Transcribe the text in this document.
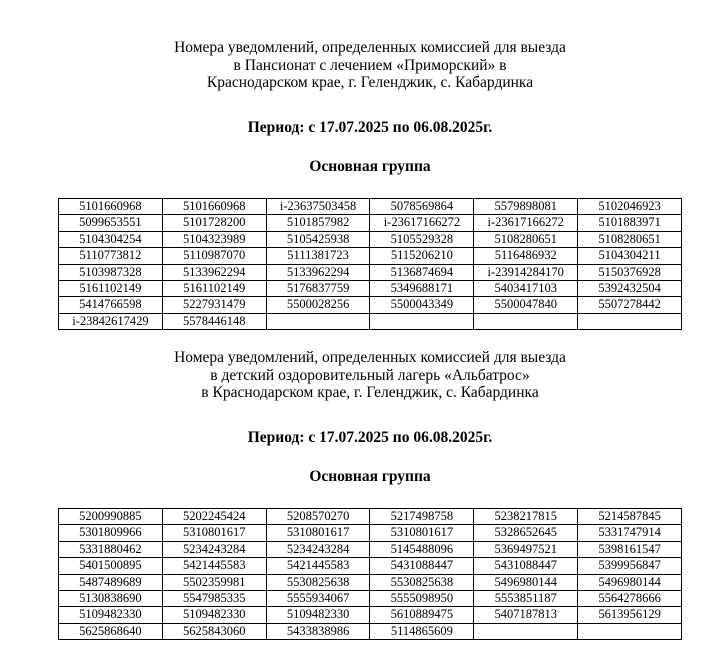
Номера уведомлений, определенных комиссией для выезда
в Пансионат с лечением «Приморский» в
Краснодарском крае, г. Геленджик, с. Кабардинка
Период: с 17.07.2025 по 06.08.2025г.
Основная группа
5101660968	5101660968	i-23637503458	5078569864	5579898081	5102046923
5099653551	5101728200	5101857982	i-23617166272	i-23617166272	5101883971
5104304254	5104323989	5105425938	5105529328	5108280651	5108280651
5110773812	5110987070	5111381723	5115206210	5116486932	5104304211
5103987328	5133962294	5133962294	5136874694	i-23914284170	5150376928
5161102149	5161102149	5176837759	5349688171	5403417103	5392432504
5414766598	5227931479	5500028256	5500043349	5500047840	5507278442
i-23842617429	5578446148				
Номера уведомлений, определенных комиссией для выезда
в детский оздоровительный лагерь «Альбатрос»
в Краснодарском крае, г. Геленджик, с. Кабардинка
Период: с 17.07.2025 по 06.08.2025г.
Основная группа
5200990885	5202245424	5208570270	5217498758	5238217815	5214587845
5301809966	5310801617	5310801617	5310801617	5328652645	5331747914
5331880462	5234243284	5234243284	5145488096	5369497521	5398161547
5401500895	5421445583	5421445583	5431088447	5431088447	5399956847
5487489689	5502359981	5530825638	5530825638	5496980144	5496980144
5130838690	5547985335	5555934067	5555098950	5553851187	5564278666
5109482330	5109482330	5109482330	5610889475	5407187813	5613956129
5625868640	5625843060	5433838986	5114865609		
